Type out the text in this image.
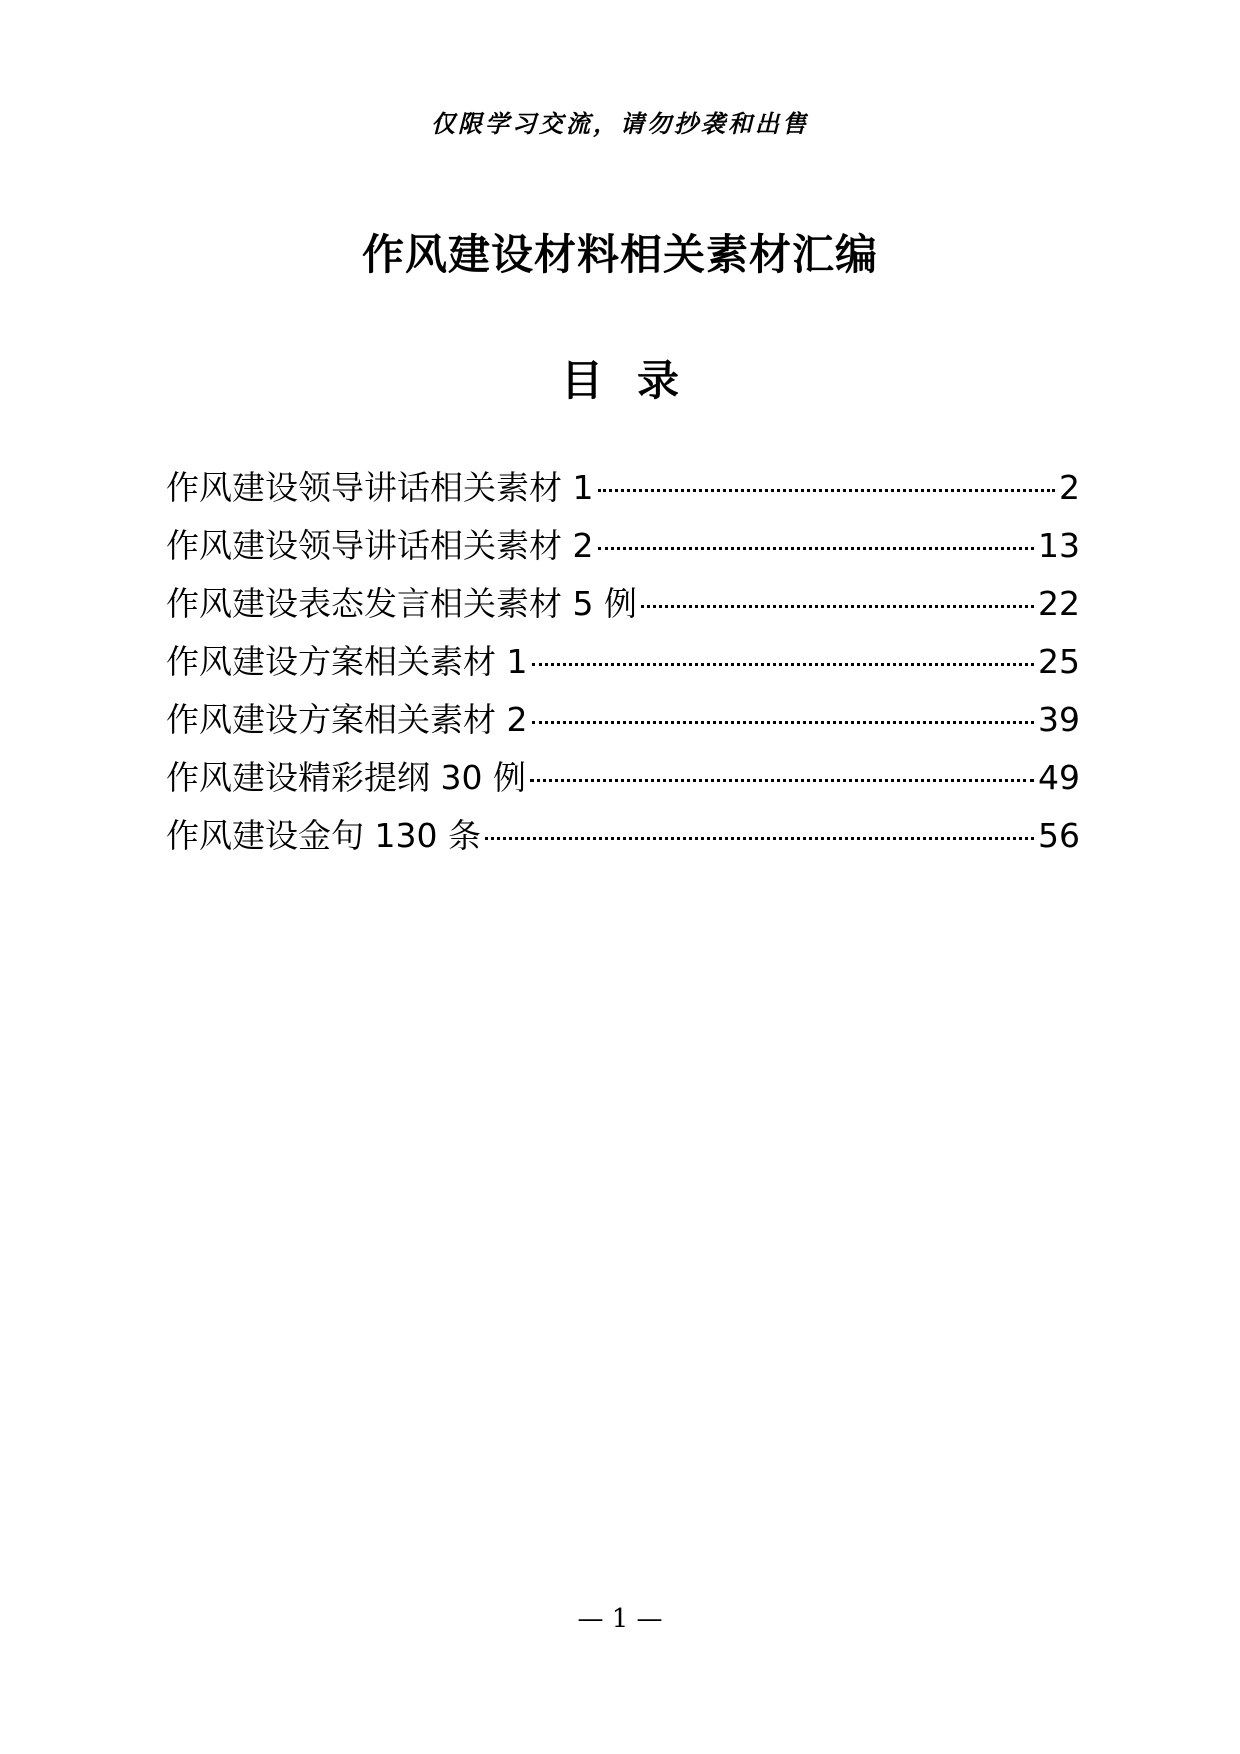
仅限学习交流，请勿抄袭和出售
作风建设材料相关素材汇编
目录
作风建设领导讲话相关素材 1	2
作风建设领导讲话相关素材 2	13
作风建设表态发言相关素材 5 例	22
作风建设方案相关素材 1	25
作风建设方案相关素材 2	39
作风建设精彩提纲 30 例	49
作风建设金句 130 条	56
— 1 —
